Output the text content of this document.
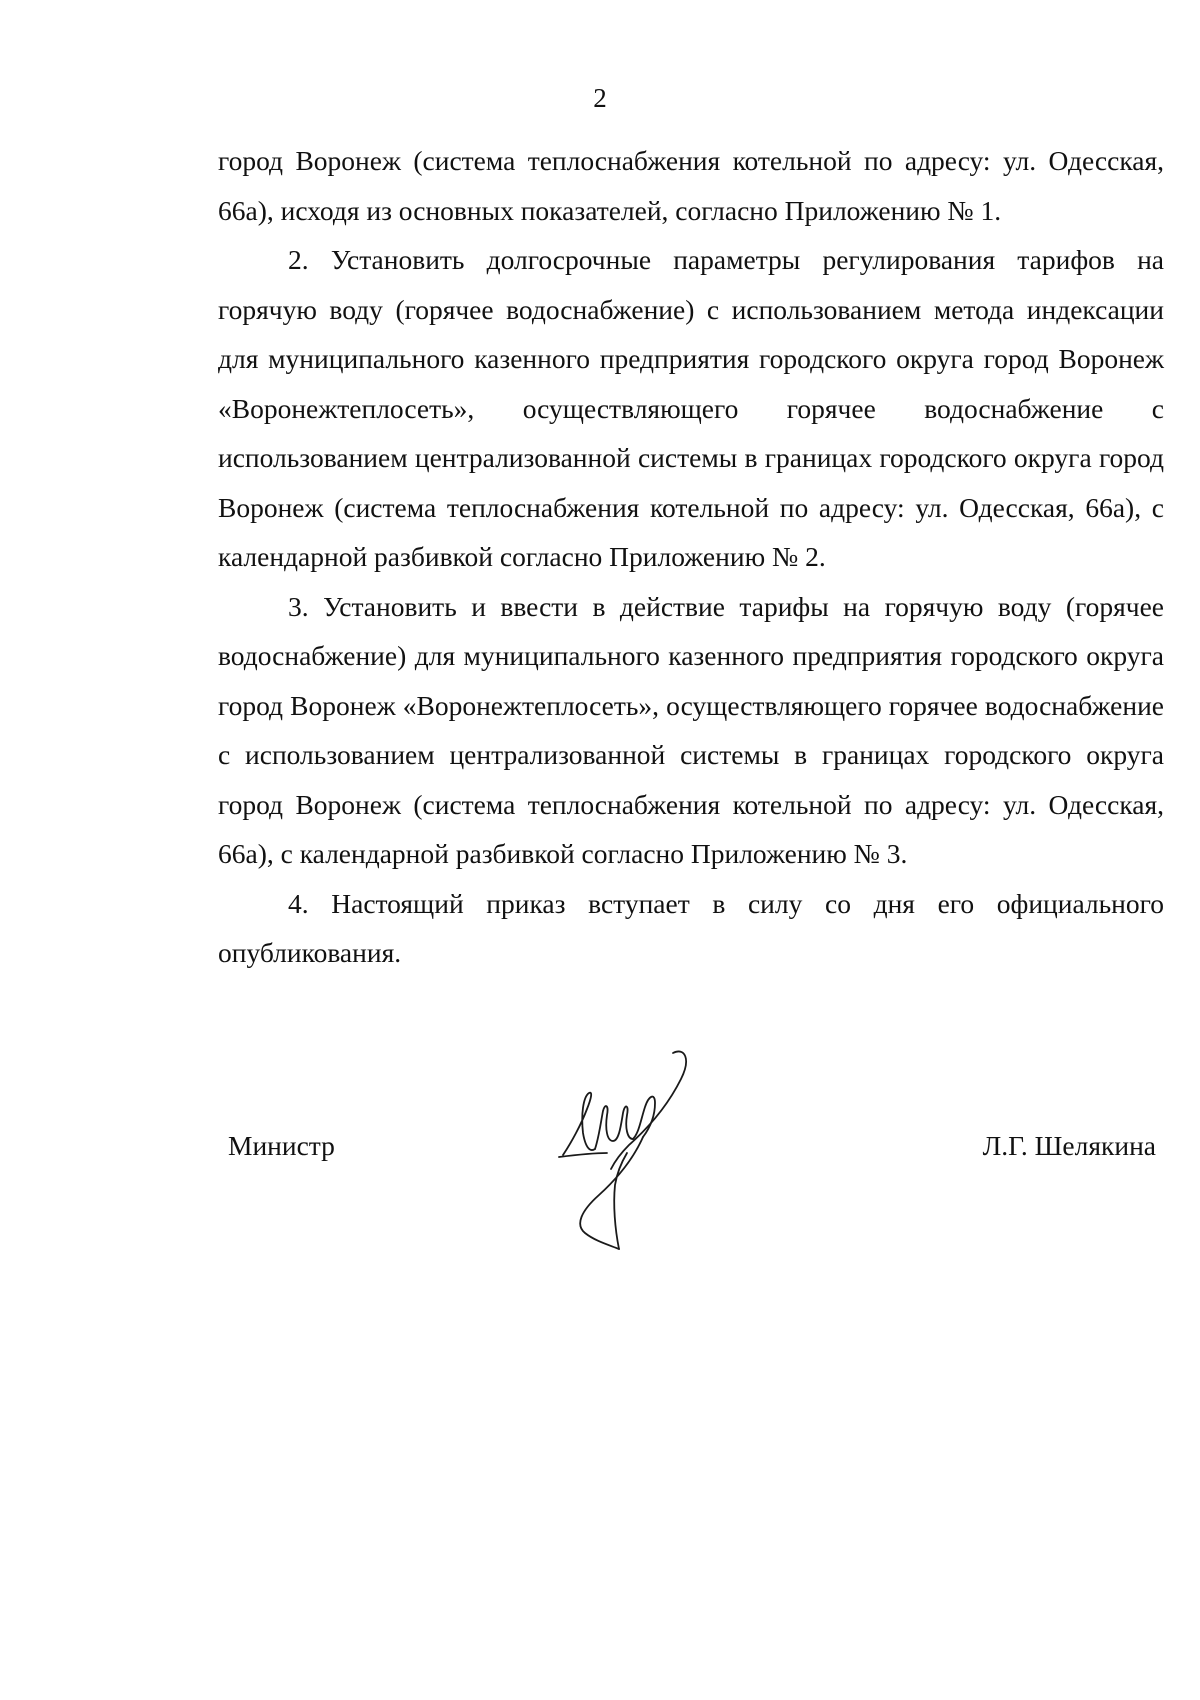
2

город Воронеж (система теплоснабжения котельной по адресу: ул. Одесская, 66а), исходя из основных показателей, согласно Приложению № 1.

2. Установить долгосрочные параметры регулирования тарифов на горячую воду (горячее водоснабжение) с использованием метода индексации для муниципального казенного предприятия городского округа город Воронеж «Воронежтеплосеть», осуществляющего горячее водоснабжение с использованием централизованной системы в границах городского округа город Воронеж (система теплоснабжения котельной по адресу: ул. Одесская, 66а), с календарной разбивкой согласно Приложению № 2.

3. Установить и ввести в действие тарифы на горячую воду (горячее водоснабжение) для муниципального казенного предприятия городского округа город Воронеж «Воронежтеплосеть», осуществляющего горячее водоснабжение с использованием централизованной системы в границах городского округа город Воронеж (система теплоснабжения котельной по адресу: ул. Одесская, 66а), с календарной разбивкой согласно Приложению № 3.

4. Настоящий приказ вступает в силу со дня его официального опубликования.

Министр	Л.Г. Шелякина
